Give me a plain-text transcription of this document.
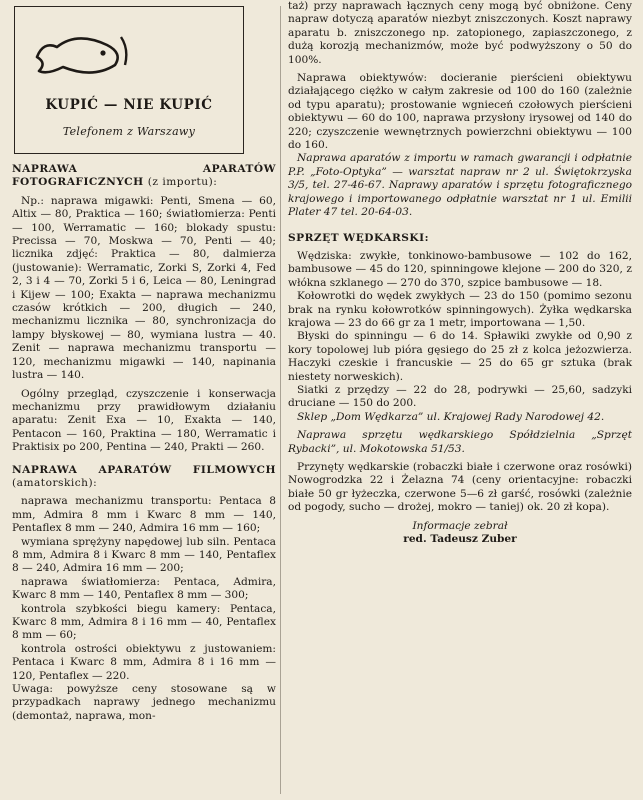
KUPIĆ — NIE KUPIĆ
Telefonem z Warszawy

NAPRAWA APARATÓW FOTOGRAFICZNYCH (z importu):

Np.: naprawa migawki: Penti, Smena — 60, Altix — 80, Praktica — 160; światłomierza: Penti — 100, Werramatic — 160; blokady spustu: Precissa — 70, Moskwa — 70, Penti — 40; licznika zdjęć: Praktica — 80, dalmierza (justowanie): Werramatic, Zorki S, Zorki 4, Fed 2, 3 i 4 — 70, Zorki 5 i 6, Leica — 80, Leningrad i Kijew — 100; Exakta — naprawa mechanizmu czasów krótkich — 200, długich — 240, mechanizmu licznika — 80, synchronizacja do lampy błyskowej — 80, wymiana lustra — 40. Zenit — naprawa mechanizmu transportu — 120, mechanizmu migawki — 140, napinania lustra — 140.

Ogólny przegląd, czyszczenie i konserwacja mechanizmu przy prawidłowym działaniu aparatu: Zenit Exa — 10, Exakta — 140, Pentacon — 160, Praktina — 180, Werramatic i Praktisix po 200, Pentina — 240, Prakti — 260.

NAPRAWA APARATÓW FILMOWYCH (amatorskich):

naprawa mechanizmu transportu: Pentaca 8 mm, Admira 8 mm i Kwarc 8 mm — 140, Pentaflex 8 mm — 240, Admira 16 mm — 160;

wymiana sprężyny napędowej lub siln. Pentaca 8 mm, Admira 8 i Kwarc 8 mm — 140, Pentaflex 8 — 240, Admira 16 mm — 200;

naprawa światłomierza: Pentaca, Admira, Kwarc 8 mm — 140, Pentaflex 8 mm — 300;

kontrola szybkości biegu kamery: Pentaca, Kwarc 8 mm, Admira 8 i 16 mm — 40, Pentaflex 8 mm — 60;

kontrola ostrości obiektywu z justowaniem: Pentaca i Kwarc 8 mm, Admira 8 i 16 mm — 120, Pentaflex — 220.

Uwaga: powyższe ceny stosowane są w przypadkach naprawy jednego mechanizmu (demontaż, naprawa, mon-

taż) przy naprawach łącznych ceny mogą być obniżone. Ceny napraw dotyczą aparatów niezbyt zniszczonych. Koszt naprawy aparatu b. zniszczonego np. zatopionego, zapiaszczonego, z dużą korozją mechanizmów, może być podwyższony o 50 do 100%.

Naprawa obiektywów: docieranie pierścieni obiektywu działającego ciężko w całym zakresie od 100 do 160 (zależnie od typu aparatu); prostowanie wgnieceń czołowych pierścieni obiektywu — 60 do 100, naprawa przysłony irysowej od 140 do 220; czyszczenie wewnętrznych powierzchni obiektywu — 100 do 160.

Naprawa aparatów z importu w ramach gwarancji i odpłatnie P.P. „Foto-Optyka” — warsztat napraw nr 2 ul. Świętokrzyska 3/5, tel. 27-46-67. Naprawy aparatów i sprzętu fotograficznego krajowego i importowanego odpłatnie warsztat nr 1 ul. Emilii Plater 47 tel. 20-64-03.

SPRZĘT WĘDKARSKI:

Wędziska: zwykłe, tonkinowo-bambusowe — 102 do 162, bambusowe — 45 do 120, spinningowe klejone — 200 do 320, z włókna szklanego — 270 do 370, szpice bambusowe — 18.

Kołowrotki do wędek zwykłych — 23 do 150 (pomimo sezonu brak na rynku kołowrotków spinningowych). Żyłka wędkarska krajowa — 23 do 66 gr za 1 metr, importowana — 1,50.

Błyski do spinningu — 6 do 14. Spławiki zwykłe od 0,90 z kory topolowej lub pióra gęsiego do 25 zł z kolca jeżozwierza. Haczyki czeskie i francuskie — 25 do 65 gr sztuka (brak niestety norweskich).

Siatki z przędzy — 22 do 28, podrywki — 25,60, sadzyki druciane — 150 do 200.

Sklep „Dom Wędkarza” ul. Krajowej Rady Narodowej 42.

Naprawa sprzętu wędkarskiego Spółdzielnia „Sprzęt Rybacki”, ul. Mokotowska 51/53.

Przynęty wędkarskie (robaczki białe i czerwone oraz rosówki) Nowogrodzka 22 i Żelazna 74 (ceny orientacyjne: robaczki białe 50 gr łyżeczka, czerwone 5—6 zł garść, rosówki (zależnie od pogody, sucho — drożej, mokro — taniej) ok. 20 zł kopa).

Informacje zebrał

red. Tadeusz Zuber
